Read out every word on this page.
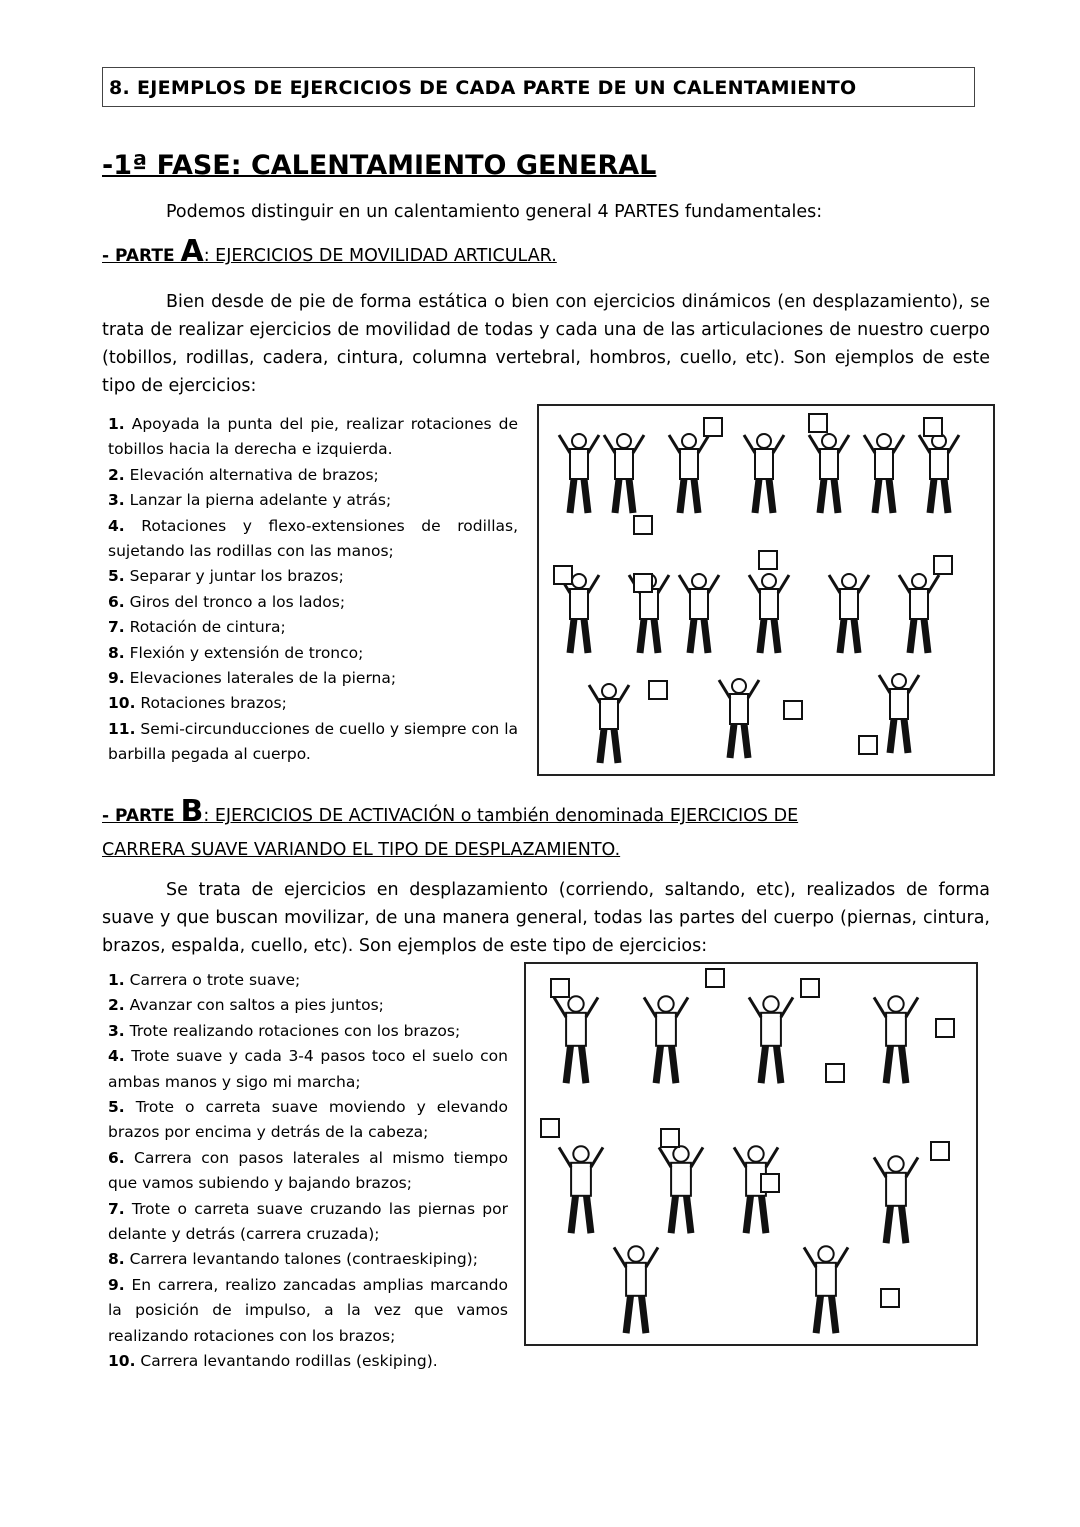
8. EJEMPLOS DE EJERCICIOS DE CADA PARTE DE UN CALENTAMIENTO
-1ª FASE: CALENTAMIENTO GENERAL
Podemos distinguir en un calentamiento general 4 PARTES fundamentales:
- PARTE A: EJERCICIOS DE MOVILIDAD ARTICULAR.
Bien desde de pie de forma estática o bien con ejercicios dinámicos (en desplazamiento), se trata de realizar ejercicios de movilidad de todas y cada una de las articulaciones de nuestro cuerpo (tobillos, rodillas, cadera, cintura, columna vertebral, hombros, cuello, etc). Son ejemplos de este tipo de ejercicios:
1. Apoyada la punta del pie, realizar rotaciones de tobillos hacia la derecha e izquierda.
2. Elevación alternativa de brazos;
3. Lanzar la pierna adelante y atrás;
4. Rotaciones y flexo-extensiones de rodillas, sujetando las rodillas con las manos;
5. Separar y juntar los brazos;
6. Giros del tronco a los lados;
7. Rotación de cintura;
8. Flexión y extensión de tronco;
9. Elevaciones laterales de la pierna;
10. Rotaciones brazos;
11. Semi-circunducciones de cuello y siempre con la barbilla pegada al cuerpo.
- PARTE B: EJERCICIOS DE ACTIVACIÓN o también denominada EJERCICIOS DE
CARRERA SUAVE VARIANDO EL TIPO DE DESPLAZAMIENTO.
Se trata de ejercicios en desplazamiento (corriendo, saltando, etc), realizados de forma suave y que buscan movilizar, de una manera general, todas las partes del cuerpo (piernas, cintura, brazos, espalda, cuello, etc). Son ejemplos de este tipo de ejercicios:
1. Carrera o trote suave;
2. Avanzar con saltos a pies juntos;
3. Trote realizando rotaciones con los brazos;
4. Trote suave y cada 3-4 pasos toco el suelo con ambas manos y sigo mi marcha;
5. Trote o carreta suave moviendo y elevando brazos por encima y detrás de la cabeza;
6. Carrera con pasos laterales al mismo tiempo que vamos subiendo y bajando brazos;
7. Trote o carreta suave cruzando las piernas por delante y detrás (carrera cruzada);
8. Carrera levantando talones (contraeskiping);
9. En carrera, realizo zancadas amplias marcando la posición de impulso, a la vez que vamos realizando rotaciones con los brazos;
10. Carrera levantando rodillas (eskiping).
